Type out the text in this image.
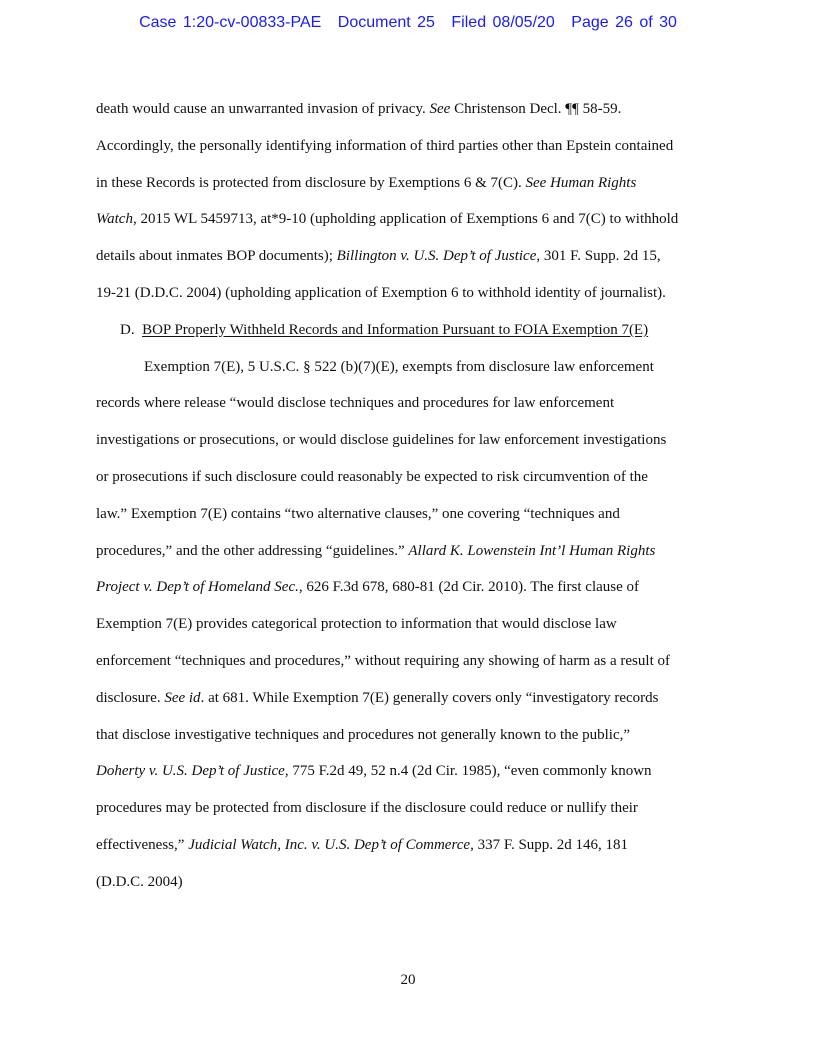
Case 1:20-cv-00833-PAE Document 25 Filed 08/05/20 Page 26 of 30
death would cause an unwarranted invasion of privacy. See Christenson Decl. ¶¶ 58-59.
Accordingly, the personally identifying information of third parties other than Epstein contained
in these Records is protected from disclosure by Exemptions 6 & 7(C). See Human Rights
Watch, 2015 WL 5459713, at*9-10 (upholding application of Exemptions 6 and 7(C) to withhold
details about inmates BOP documents); Billington v. U.S. Dep’t of Justice, 301 F. Supp. 2d 15,
19-21 (D.D.C. 2004) (upholding application of Exemption 6 to withhold identity of journalist).
D. BOP Properly Withheld Records and Information Pursuant to FOIA Exemption 7(E)
Exemption 7(E), 5 U.S.C. § 522 (b)(7)(E), exempts from disclosure law enforcement
records where release “would disclose techniques and procedures for law enforcement
investigations or prosecutions, or would disclose guidelines for law enforcement investigations
or prosecutions if such disclosure could reasonably be expected to risk circumvention of the
law.” Exemption 7(E) contains “two alternative clauses,” one covering “techniques and
procedures,” and the other addressing “guidelines.” Allard K. Lowenstein Int’l Human Rights
Project v. Dep’t of Homeland Sec., 626 F.3d 678, 680-81 (2d Cir. 2010). The first clause of
Exemption 7(E) provides categorical protection to information that would disclose law
enforcement “techniques and procedures,” without requiring any showing of harm as a result of
disclosure. See id. at 681. While Exemption 7(E) generally covers only “investigatory records
that disclose investigative techniques and procedures not generally known to the public,”
Doherty v. U.S. Dep’t of Justice, 775 F.2d 49, 52 n.4 (2d Cir. 1985), “even commonly known
procedures may be protected from disclosure if the disclosure could reduce or nullify their
effectiveness,” Judicial Watch, Inc. v. U.S. Dep’t of Commerce, 337 F. Supp. 2d 146, 181
(D.D.C. 2004)
20
